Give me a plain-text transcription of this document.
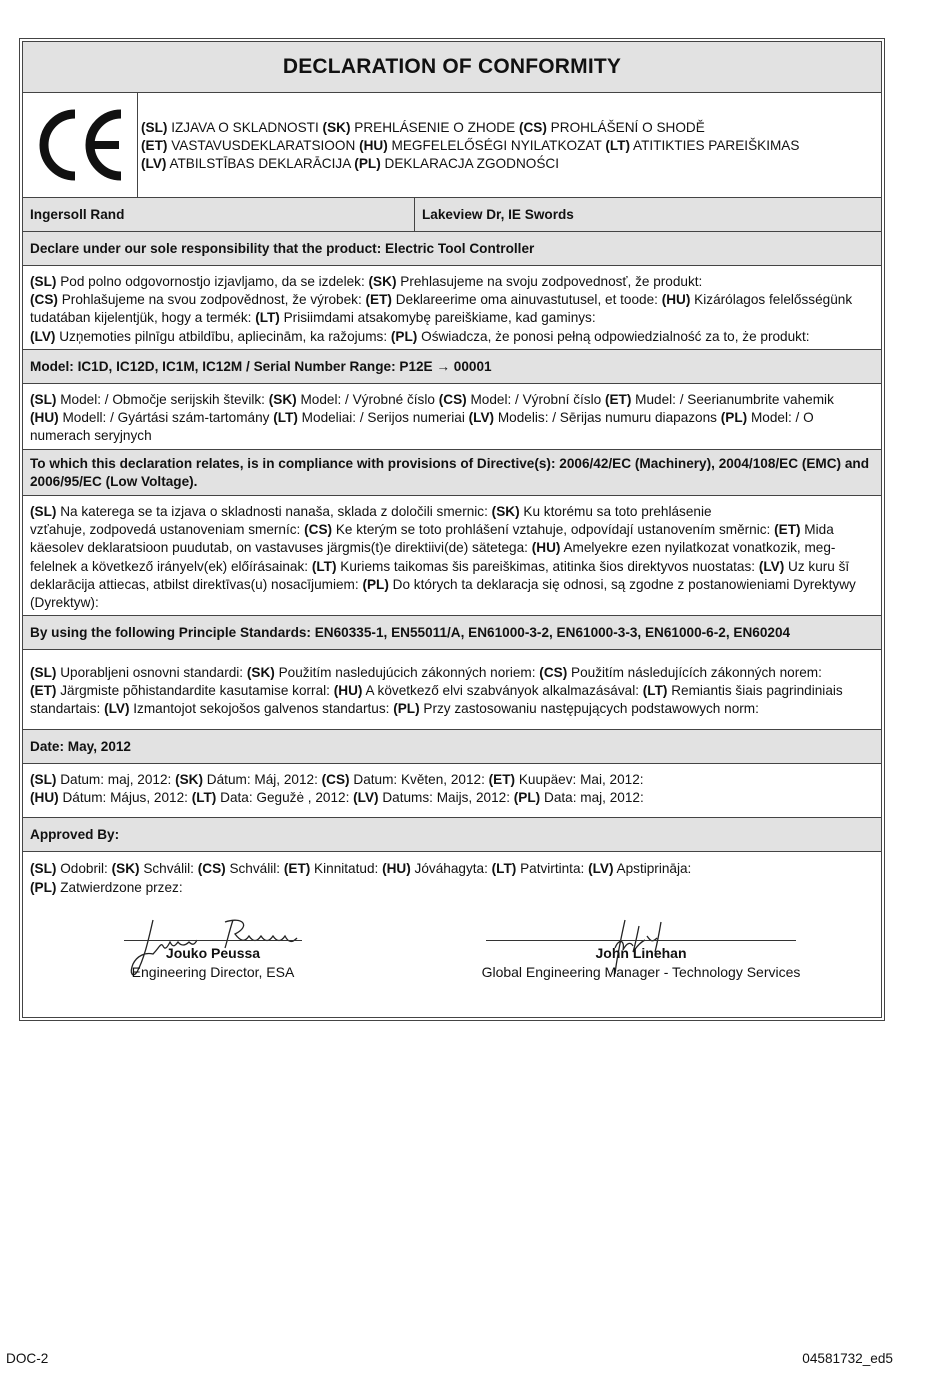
DECLARATION OF CONFORMITY
(SL) IZJAVA O SKLADNOSTI (SK) PREHLÁSENIE O ZHODE (CS) PROHLÁŠENÍ O SHODĚ
(ET) VASTAVUSDEKLARATSIOON (HU) MEGFELELŐSÉGI NYILATKOZAT (LT) ATITIKTIES PAREIŠKIMAS
(LV) ATBILSTĪBAS DEKLARĀCIJA (PL) DEKLARACJA ZGODNOŚCI
Ingersoll Rand	Lakeview Dr, IE Swords
Declare under our sole responsibility that the product: Electric Tool Controller
(SL) Pod polno odgovornostjo izjavljamo, da se izdelek: (SK) Prehlasujeme na svoju zodpovednosť, že produkt:
(CS) Prohlašujeme na svou zodpovědnost, že výrobek: (ET) Deklareerime oma ainuvastutusel, et toode: (HU) Kizárólagos felelősségünk tudatában kijelentjük, hogy a termék: (LT) Prisiimdami atsakomybę pareiškiame, kad gaminys:
(LV) Uzņemoties pilnīgu atbildību, apliecinām, ka ražojums: (PL) Oświadcza, że ponosi pełną odpowiedzialność za to, że produkt:
Model: IC1D, IC12D, IC1M, IC12M / Serial Number Range: P12E → 00001
(SL) Model: / Območje serijskih številk: (SK) Model: / Výrobné číslo (CS) Model: / Výrobní číslo (ET) Mudel: / Seerianumbrite vahemik
(HU) Modell: / Gyártási szám-tartomány (LT) Modeliai: / Serijos numeriai (LV) Modelis: / Sērijas numuru diapazons (PL) Model: / O numerach seryjnych
To which this declaration relates, is in compliance with provisions of Directive(s): 2006/42/EC (Machinery), 2004/108/EC (EMC) and 2006/95/EC (Low Voltage).
(SL) Na katerega se ta izjava o skladnosti nanaša, sklada z določili smernic: (SK) Ku ktorému sa toto prehlásenie
vzťahuje, zodpovedá ustanoveniam smerníc: (CS) Ke kterým se toto prohlášení vztahuje, odpovídají ustanovením směrnic: (ET) Mida käesolev deklaratsioon puudutab, on vastavuses järgmis(t)e direktiivi(de) sätetega: (HU) Amelyekre ezen nyilatkozat vonatkozik, meg-felelnek a következő irányelv(ek) előírásainak: (LT) Kuriems taikomas šis pareiškimas, atitinka šios direktyvos nuostatas: (LV) Uz kuru šī deklarācija attiecas, atbilst direktīvas(u) nosacījumiem: (PL) Do których ta deklaracja się odnosi, są zgodne z postanowieniami Dyrektywy (Dyrektyw):
By using the following Principle Standards: EN60335-1, EN55011/A, EN61000-3-2, EN61000-3-3, EN61000-6-2, EN60204
(SL) Uporabljeni osnovni standardi: (SK) Použitím nasledujúcich zákonných noriem: (CS) Použitím následujících zákonných norem:
(ET) Järgmiste põhistandardite kasutamise korral: (HU) A következő elvi szabványok alkalmazásával: (LT) Remiantis šiais pagrindiniais standartais: (LV) Izmantojot sekojošos galvenos standartus: (PL) Przy zastosowaniu następujących podstawowych norm:
Date: May, 2012
(SL) Datum: maj, 2012: (SK) Dátum: Máj, 2012: (CS) Datum: Květen, 2012: (ET) Kuupäev: Mai, 2012:
(HU) Dátum: Május, 2012: (LT) Data: Gegužė , 2012: (LV) Datums: Maijs, 2012: (PL) Data: maj, 2012:
Approved By:
(SL) Odobril: (SK) Schválil: (CS) Schválil: (ET) Kinnitatud: (HU) Jóváhagyta: (LT) Patvirtinta: (LV) Apstiprināja:
(PL) Zatwierdzone przez:
Jouko Peussa
Engineering Director, ESA
John Linehan
Global Engineering Manager - Technology Services
DOC-2	04581732_ed5
